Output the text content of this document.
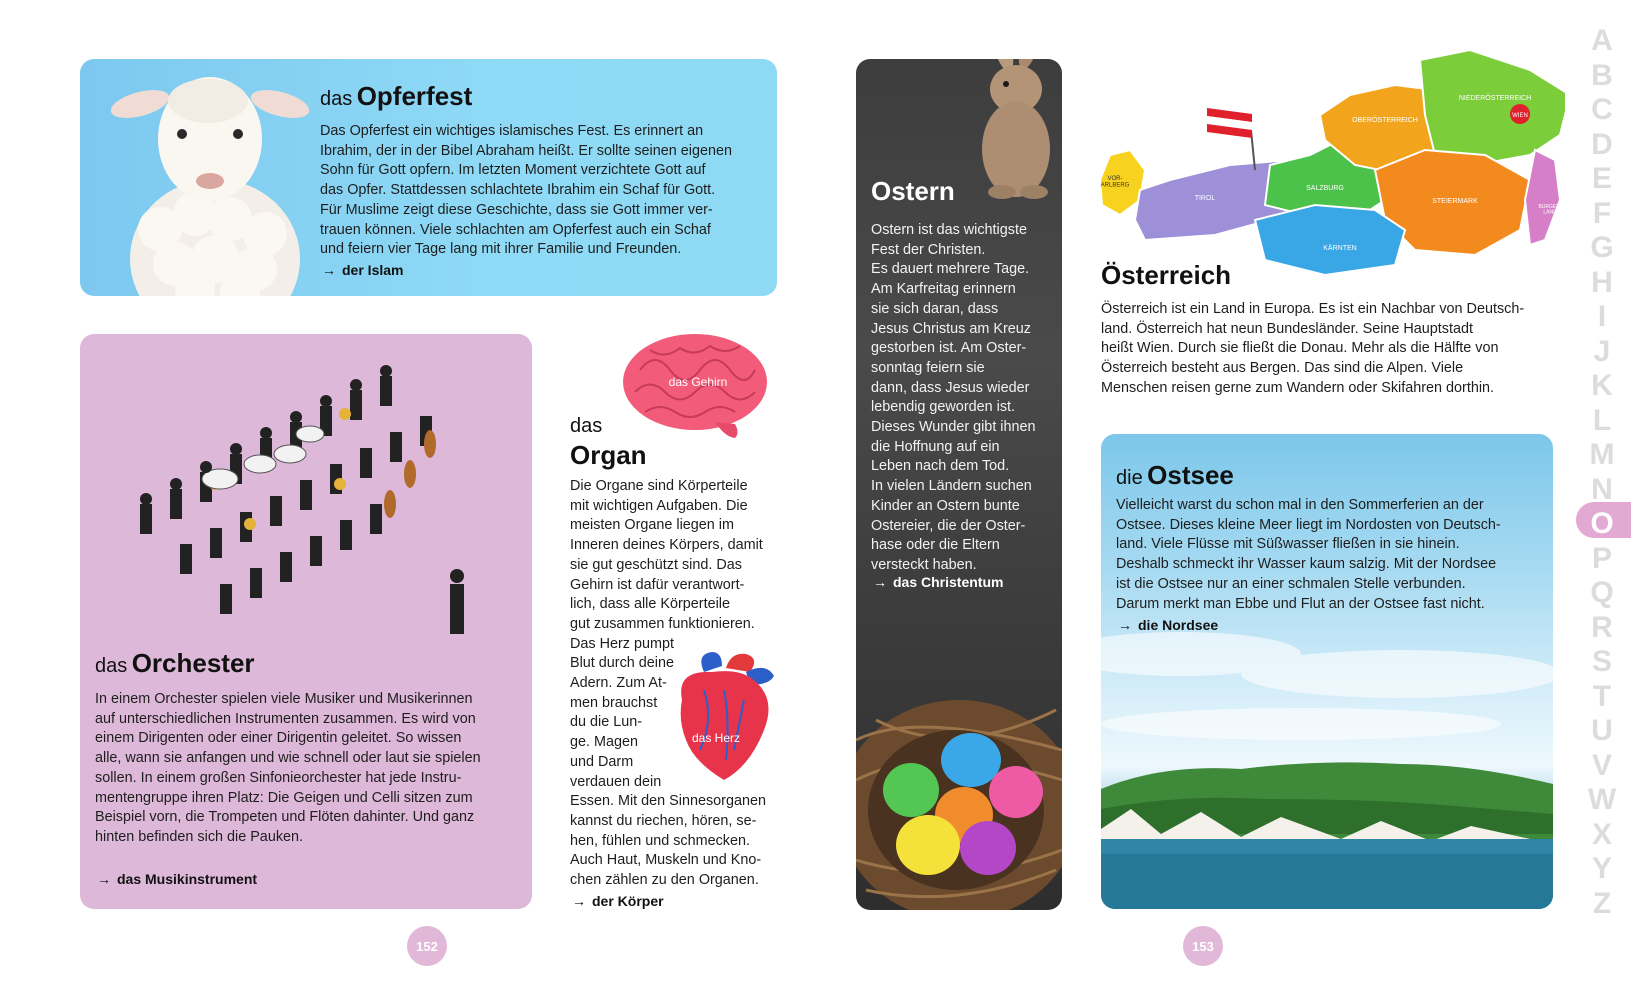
das Opferfest
Das Opferfest ein wichtiges islamisches Fest. Es erinnert an
Ibrahim, der in der Bibel Abraham heißt. Er sollte seinen eigenen
Sohn für Gott opfern. Im letzten Moment verzichtete Gott auf
das Opfer. Stattdessen schlachtete Ibrahim ein Schaf für Gott.
Für Muslime zeigt diese Geschichte, dass sie Gott immer ver-
trauen können. Viele schlachten am Opferfest auch ein Schaf
und feiern vier Tage lang mit ihrer Familie und Freunden.
→ der Islam
das Orchester
In einem Orchester spielen viele Musiker und Musikerinnen
auf unterschiedlichen Instrumenten zusammen. Es wird von
einem Dirigenten oder einer Dirigentin geleitet. So wissen
alle, wann sie anfangen und wie schnell oder laut sie spielen
sollen. In einem großen Sinfonieorchester hat jede Instru-
mentengruppe ihren Platz: Die Geigen und Celli sitzen zum
Beispiel vorn, die Trompeten und Flöten dahinter. Und ganz
hinten befinden sich die Pauken.
→ das Musikinstrument
das Gehirn
das
Organ
Die Organe sind Körperteile
mit wichtigen Aufgaben. Die
meisten Organe liegen im
Inneren deines Körpers, damit
sie gut geschützt sind. Das
Gehirn ist dafür verantwort-
lich, dass alle Körperteile
gut zusammen funktionieren.
Das Herz pumpt
Blut durch deine
Adern. Zum At-
men brauchst
du die Lun-
ge. Magen
und Darm
verdauen dein
Essen. Mit den Sinnesorganen
kannst du riechen, hören, se-
hen, fühlen und schmecken.
Auch Haut, Muskeln und Kno-
chen zählen zu den Organen.
das Herz
→ der Körper
Ostern
Ostern ist das wichtigste
Fest der Christen.
Es dauert mehrere Tage.
Am Karfreitag erinnern
sie sich daran, dass
Jesus Christus am Kreuz
gestorben ist. Am Oster-
sonntag feiern sie
dann, dass Jesus wieder
lebendig geworden ist.
Dieses Wunder gibt ihnen
die Hoffnung auf ein
Leben nach dem Tod.
In vielen Ländern suchen
Kinder an Ostern bunte
Ostereier, die der Oster-
hase oder die Eltern
versteckt haben.
→ das Christentum
VOR-ARLBERG
TIROL
SALZBURG
OBERÖSTERREICH
NIEDERÖSTERREICH
WIEN
STEIERMARK
KÄRNTEN
BURGEN-LAND
Österreich
Österreich ist ein Land in Europa. Es ist ein Nachbar von Deutsch-
land. Österreich hat neun Bundesländer. Seine Hauptstadt
heißt Wien. Durch sie fließt die Donau. Mehr als die Hälfte von
Österreich besteht aus Bergen. Das sind die Alpen. Viele
Menschen reisen gerne zum Wandern oder Skifahren dorthin.
die Ostsee
Vielleicht warst du schon mal in den Sommerferien an der
Ostsee. Dieses kleine Meer liegt im Nordosten von Deutsch-
land. Viele Flüsse mit Süßwasser fließen in sie hinein.
Deshalb schmeckt ihr Wasser kaum salzig. Mit der Nordsee
ist die Ostsee nur an einer schmalen Stelle verbunden.
Darum merkt man Ebbe und Flut an der Ostsee fast nicht.
→ die Nordsee
152	153
A
B
C
D
E
F
G
H
I
J
K
L
M
N
O
P
Q
R
S
T
U
V
W
X
Y
Z
